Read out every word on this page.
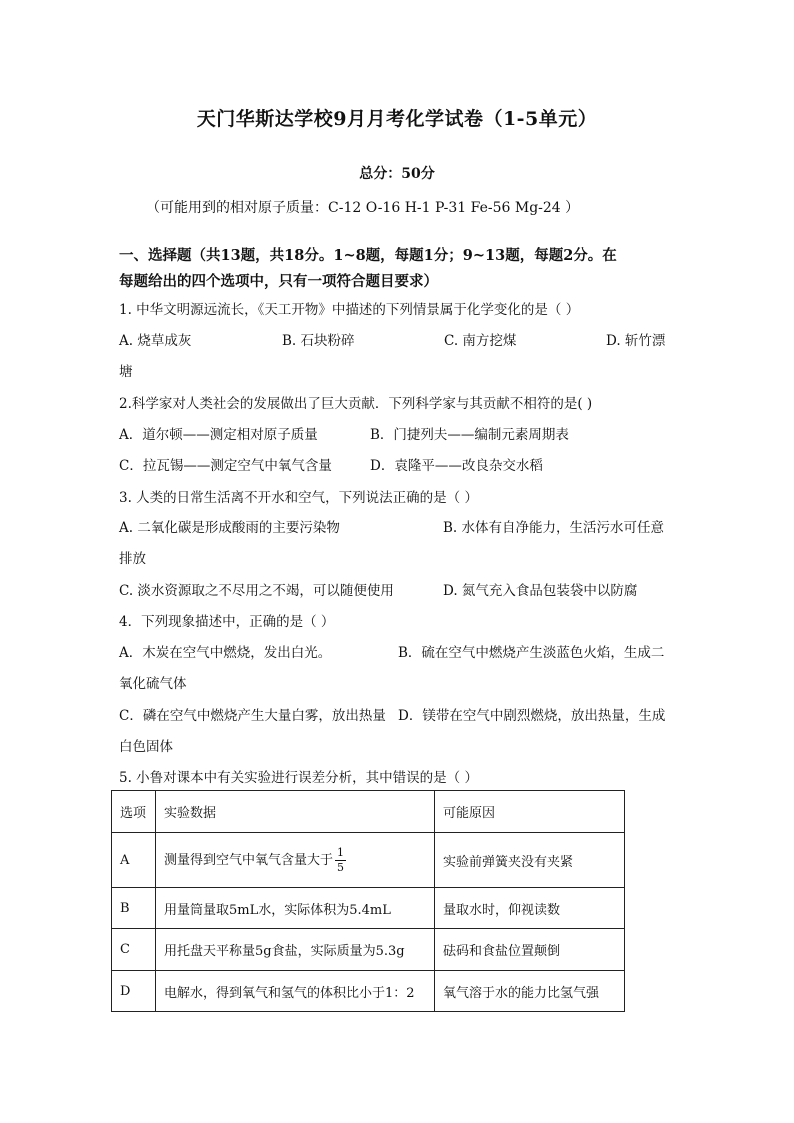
天门华斯达学校9月月考化学试卷（1-5单元）
总分：50分
（可能用到的相对原子质量：C-12 O-16 H-1 P-31 Fe-56 Mg-24 ）
一、选择题（共13题，共18分。1~8题，每题1分；9~13题，每题2分。在
每题给出的四个选项中，只有一项符合题目要求）
1. 中华文明源远流长，《天工开物》中描述的下列情景属于化学变化的是（ ）
A. 烧草成灰	B. 石块粉碎	C. 南方挖煤	D. 斩竹漂
塘
2.科学家对人类社会的发展做出了巨大贡献．下列科学家与其贡献不相符的是( )
A．道尔顿——测定相对原子质量	B．门捷列夫——编制元素周期表
C．拉瓦锡——测定空气中氧气含量	D．袁隆平——改良杂交水稻
3. 人类的日常生活离不开水和空气，下列说法正确的是（ ）
A. 二氧化碳是形成酸雨的主要污染物	B. 水体有自净能力，生活污水可任意
排放
C. 淡水资源取之不尽用之不竭，可以随便使用	D. 氮气充入食品包装袋中以防腐
4．下列现象描述中，正确的是（ ）
A．木炭在空气中燃烧，发出白光。	B．硫在空气中燃烧产生淡蓝色火焰，生成二
氧化硫气体
C．磷在空气中燃烧产生大量白雾，放出热量 D．镁带在空气中剧烈燃烧，放出热量，生成
白色固体
5. 小鲁对课本中有关实验进行误差分析，其中错误的是（ ）
选项	实验数据	可能原因
A	测量得到空气中氧气含量大于 $\frac{1}{5}$	实验前弹簧夹没有夹紧
B	用量筒量取5mL水，实际体积为5.4mL	量取水时，仰视读数
C	用托盘天平称量5g食盐，实际质量为5.3g	砝码和食盐位置颠倒
D	电解水，得到氧气和氢气的体积比小于1：2	氧气溶于水的能力比氢气强
